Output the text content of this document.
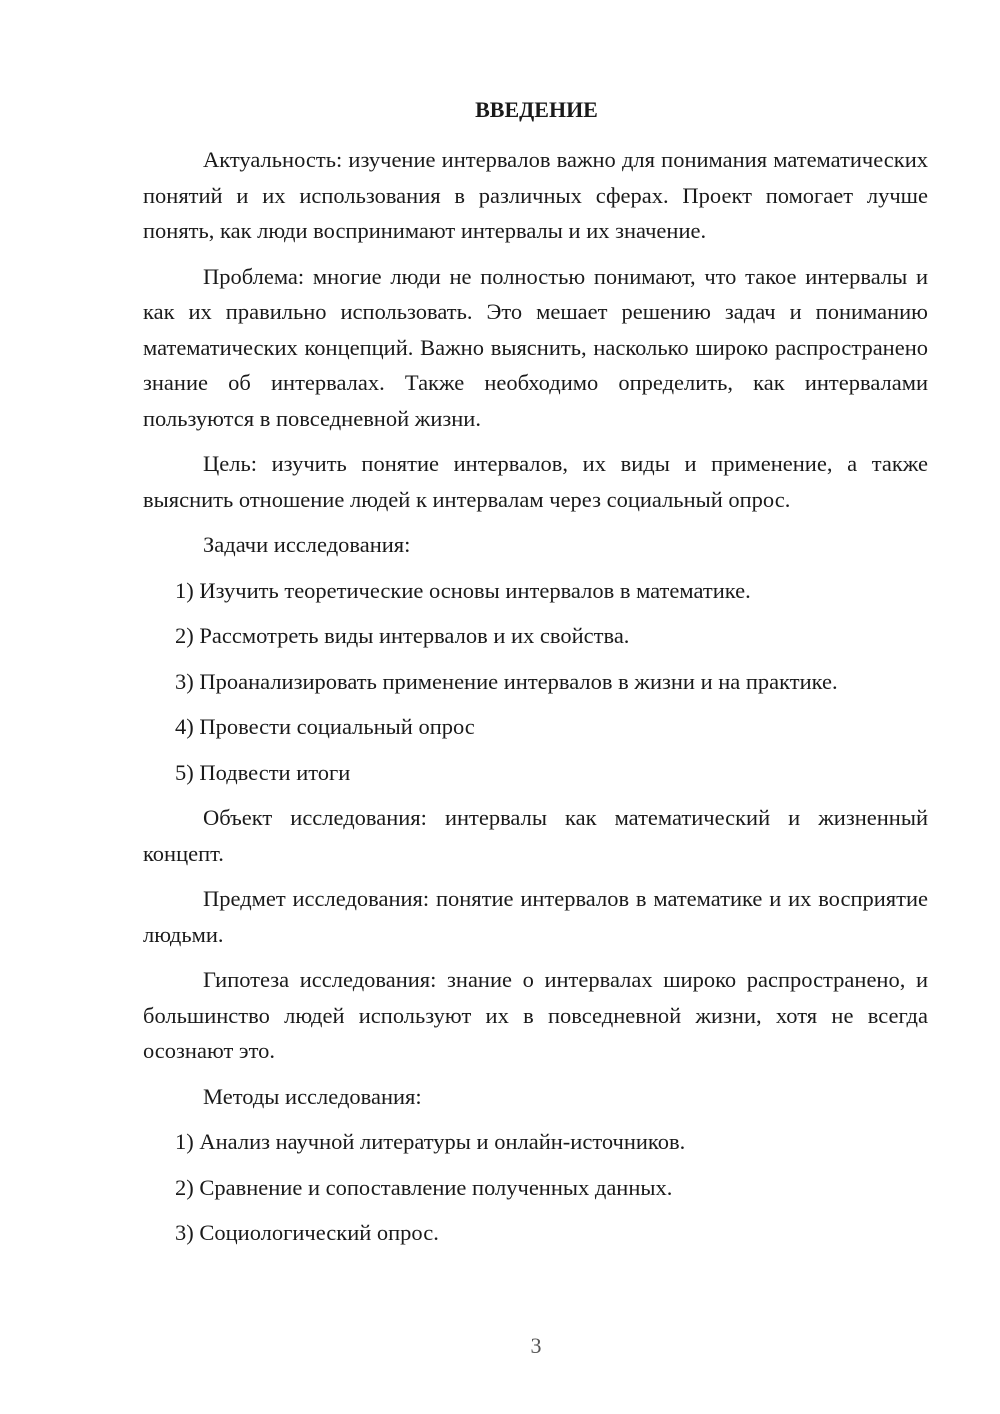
ВВЕДЕНИЕ

Актуальность: изучение интервалов важно для понимания математических понятий и их использования в различных сферах. Проект помогает лучше понять, как люди воспринимают интервалы и их значение.

Проблема: многие люди не полностью понимают, что такое интервалы и как их правильно использовать. Это мешает решению задач и пониманию математических концепций. Важно выяснить, насколько широко распространено знание об интервалах. Также необходимо определить, как интервалами пользуются в повседневной жизни.

Цель: изучить понятие интервалов, их виды и применение, а также выяснить отношение людей к интервалам через социальный опрос.

Задачи исследования:

1) Изучить теоретические основы интервалов в математике.
2) Рассмотреть виды интервалов и их свойства.
3) Проанализировать применение интервалов в жизни и на практике.
4) Провести социальный опрос
5) Подвести итоги

Объект исследования: интервалы как математический и жизненный концепт.

Предмет исследования: понятие интервалов в математике и их восприятие людьми.

Гипотеза исследования: знание о интервалах широко распространено, и большинство людей используют их в повседневной жизни, хотя не всегда осознают это.

Методы исследования:

1) Анализ научной литературы и онлайн-источников.
2) Сравнение и сопоставление полученных данных.
3) Социологический опрос.
3
